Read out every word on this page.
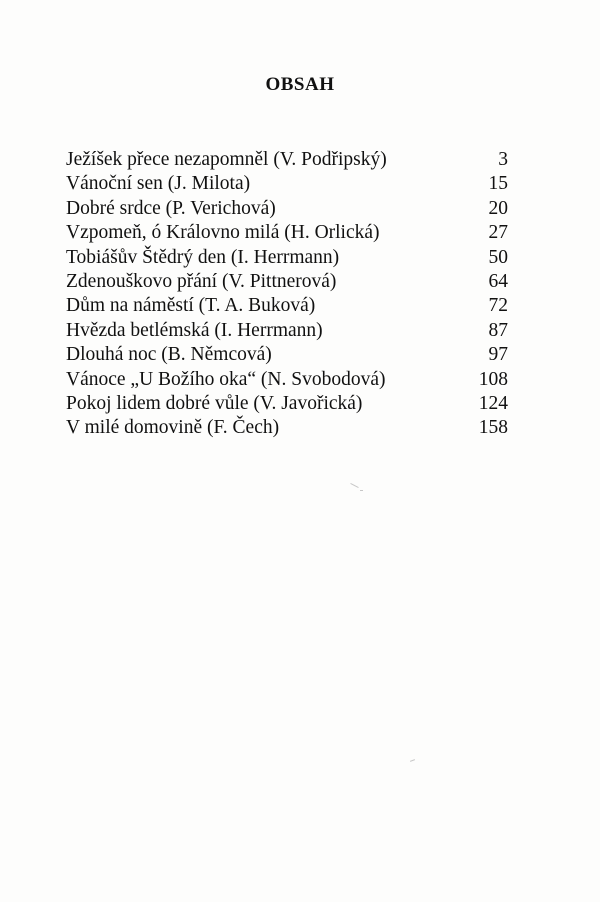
OBSAH
Ježíšek přece nezapomněl (V. Podřipský)	3
Vánoční sen (J. Milota)	15
Dobré srdce (P. Verichová)	20
Vzpomeň, ó Královno milá (H. Orlická)	27
Tobiášův Štědrý den (I. Herrmann)	50
Zdenouškovo přání (V. Pittnerová)	64
Dům na náměstí (T. A. Buková)	72
Hvězda betlémská (I. Herrmann)	87
Dlouhá noc (B. Němcová)	97
Vánoce „U Božího oka“ (N. Svobodová)	108
Pokoj lidem dobré vůle (V. Javořická)	124
V milé domovině (F. Čech)	158
